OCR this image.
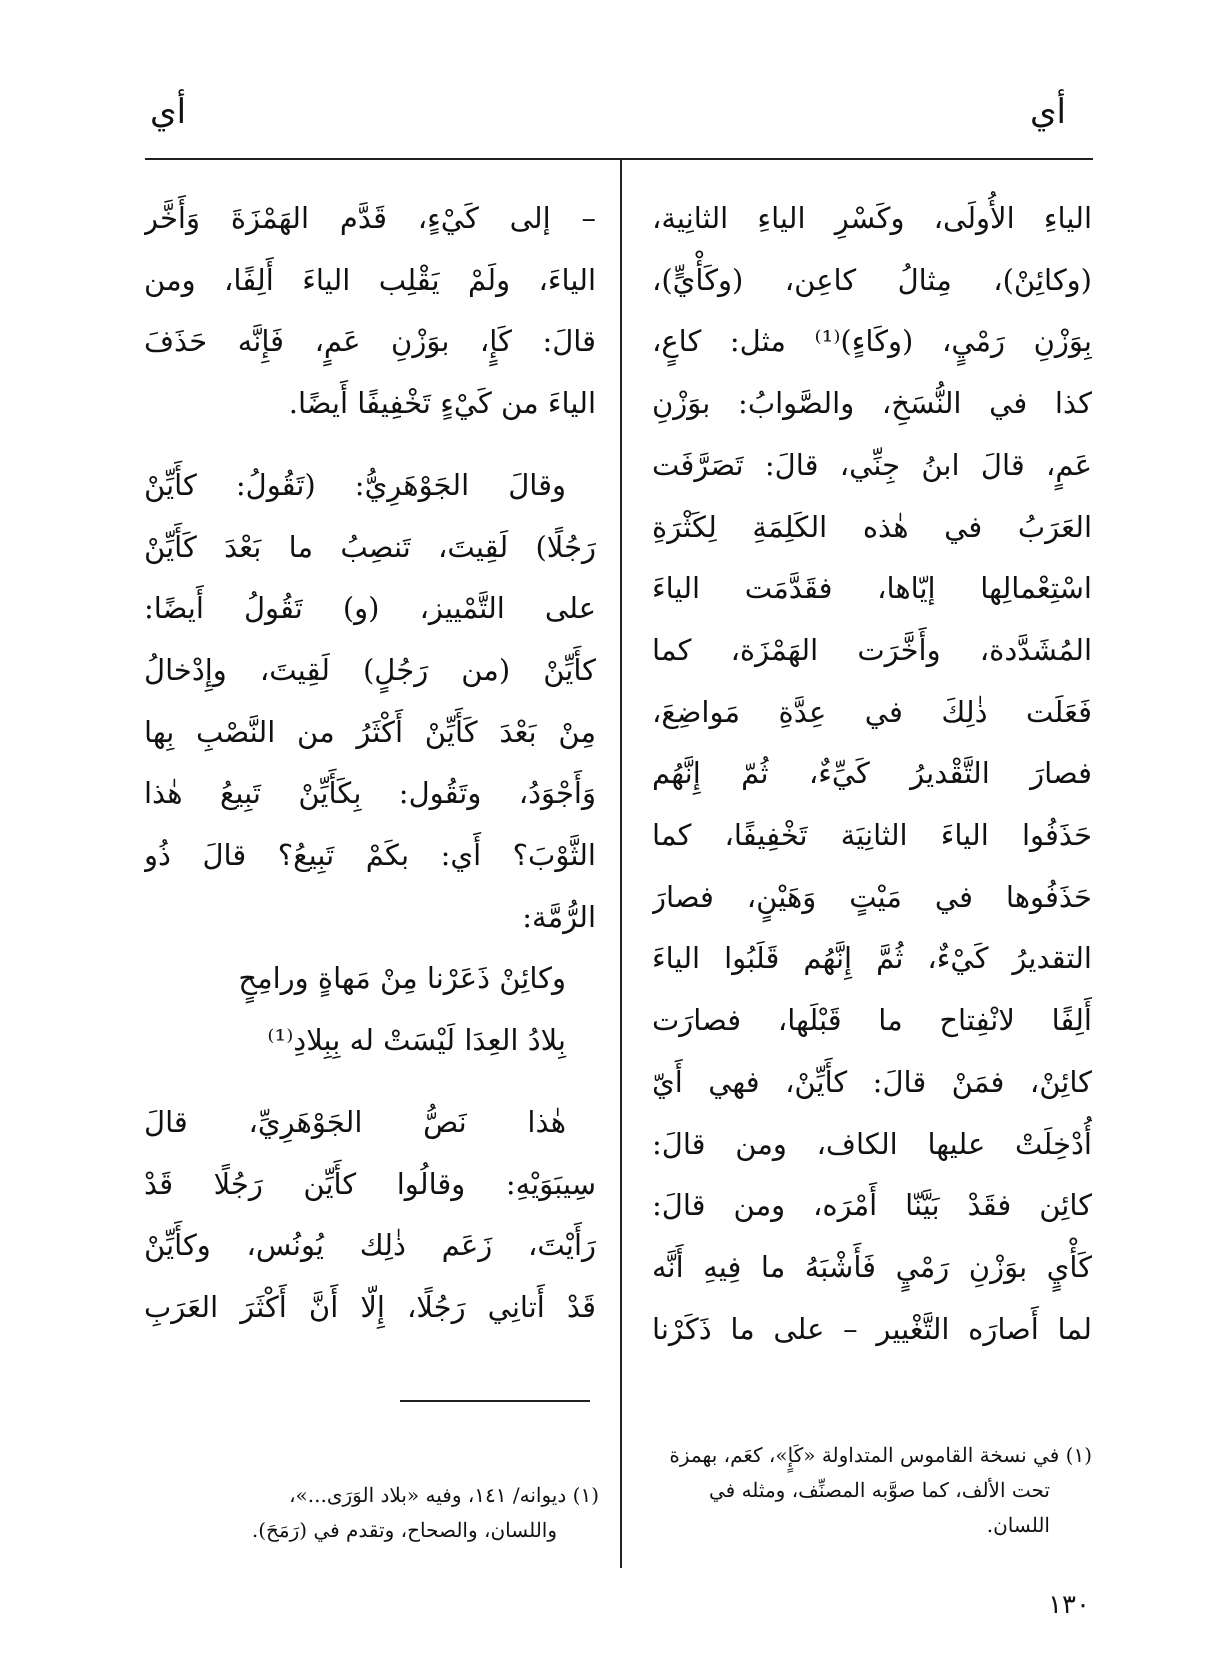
أي
أي

الياءِ الأُولَى، وكَسْرِ الياءِ الثانِية،

(وكائِنْ)، مِثالُ كاعِن، (وكَأْيٍّ)،

بِوَزْنِ رَمْيٍ، (وكَاءٍ)⁽¹⁾ مثل: كاعٍ،

كذا في النُّسَخِ، والصَّوابُ: بوَزْنِ

عَمٍ، قالَ ابنُ جِنِّي، قالَ: تَصَرَّفَت

العَرَبُ في هٰذه الكَلِمَةِ لِكَثْرَةِ

اسْتِعْمالِها إيّاها، فقَدَّمَت الياءَ

المُشَدَّدة، وأَخَّرَت الهَمْزَة، كما

فَعَلَت ذٰلِكَ في عِدَّةِ مَواضِعَ،

فصارَ التَّقْديرُ كَيِّءٌ، ثُمّ إِنَّهُم

حَذَفُوا الياءَ الثانِيَة تَخْفِيفًا، كما

حَذَفُوها في مَيْتٍ وَهَيْنٍ، فصارَ

التقديرُ كَيْءٌ، ثُمَّ إِنَّهُم قَلَبُوا الياءَ

أَلِفًا لانْفِتاح ما قَبْلَها، فصارَت

كائِنْ، فمَنْ قالَ: كأَيِّنْ، فهي أَيّ

أُدْخِلَتْ عليها الكاف، ومن قالَ:

كائِن فقَدْ بَيَّنّا أَمْرَه، ومن قالَ:

كَأْيٍ بوَزْنِ رَمْيٍ فَأَشْبَهُ ما فِيهِ أَنَّه

لما أَصارَه التَّغْيير – على ما ذَكَرْنا

– إلى كَيْءٍ، قَدَّم الهَمْزَةَ وَأَخَّر

الياءَ، ولَمْ يَقْلِب الياءَ أَلِفًا، ومن

قالَ: كَإٍ، بوَزْنِ عَمٍ، فَإِنَّه حَذَفَ

الياءَ من كَيْءٍ تَخْفِيفًا أَيضًا.

وقالَ الجَوْهَرِيُّ: (تَقُولُ: كأَيِّنْ

رَجُلًا) لَقِيتَ، تَنصِبُ ما بَعْدَ كَأَيِّنْ

على التَّمْييز، (و) تَقُولُ أَيضًا:

كأَيِّنْ (من رَجُلٍ) لَقِيتَ، وإِدْخالُ

مِنْ بَعْدَ كَأَيِّنْ أَكْثَرُ من النَّصْبِ بِها

وَأَجْوَدُ، وتَقُول: بِكَأَيِّنْ تَبِيعُ هٰذا

الثَّوْبَ؟ أَي: بكَمْ تَبِيعُ؟ قالَ ذُو

الرُّمَّة:

وكائِنْ ذَعَرْنا مِنْ مَهاةٍ ورامِحٍ

بِلادُ العِدَا لَيْسَتْ له بِبِلادِ⁽¹⁾

هٰذا نَصُّ الجَوْهَرِيِّ، قالَ

سِيبَوَيْهِ: وقالُوا كأَيِّن رَجُلًا قَدْ

رَأَيْتَ، زَعَم ذٰلِك يُونُس، وكأَيِّنْ

قَدْ أَتانِي رَجُلًا، إِلّا أَنَّ أَكْثَرَ العَرَبِ

(١) في نسخة القاموس المتداولة «كَإٍ»، كعَم، بهمزة

تحت الألف، كما صوَّبه المصنِّف، ومثله في

اللسان.

(١) ديوانه/ ١٤١، وفيه «بلاد الوَرَى...»،

واللسان، والصحاح، وتقدم في (رَمَحَ).

١٣٠
